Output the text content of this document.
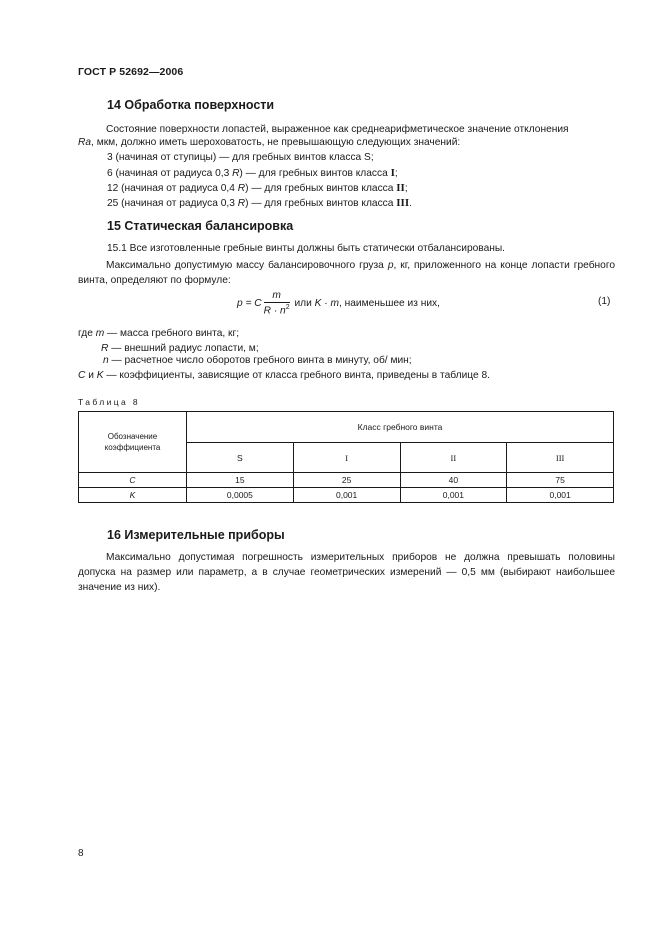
ГОСТ Р 52692—2006
14 Обработка поверхности
Состояние поверхности лопастей, выраженное как среднеарифметическое значение отклонения
Ra, мкм, должно иметь шероховатость, не превышающую следующих значений:
3 (начиная от ступицы) — для гребных винтов класса S;
6 (начиная от радиуса 0,3 R) — для гребных винтов класса I;
12 (начиная от радиуса 0,4 R) — для гребных винтов класса II;
25 (начиная от радиуса 0,3 R) — для гребных винтов класса III.
15 Статическая балансировка
15.1 Все изготовленные гребные винты должны быть статически отбалансированы.
Максимально допустимую массу балансировочного груза p, кг, приложенного на конце лопасти гребного винта, определяют по формуле:
p = C $\frac{m}{R \cdot n^2}$ или K · m, наименьшее из них,	(1)
где m — масса гребного винта, кг;
R — внешний радиус лопасти, м;
n — расчетное число оборотов гребного винта в минуту, об/ мин;
C и K — коэффициенты, зависящие от класса гребного винта, приведены в таблице 8.
Таблица 8
Обозначение коэффициента	Класс гребного винта			
	S	I	II	III
C	15	25	40	75
K	0,0005	0,001	0,001	0,001
16 Измерительные приборы
Максимально допустимая погрешность измерительных приборов не должна превышать половины допуска на размер или параметр, а в случае геометрических измерений — 0,5 мм (выбирают наибольшее значение из них).
8
